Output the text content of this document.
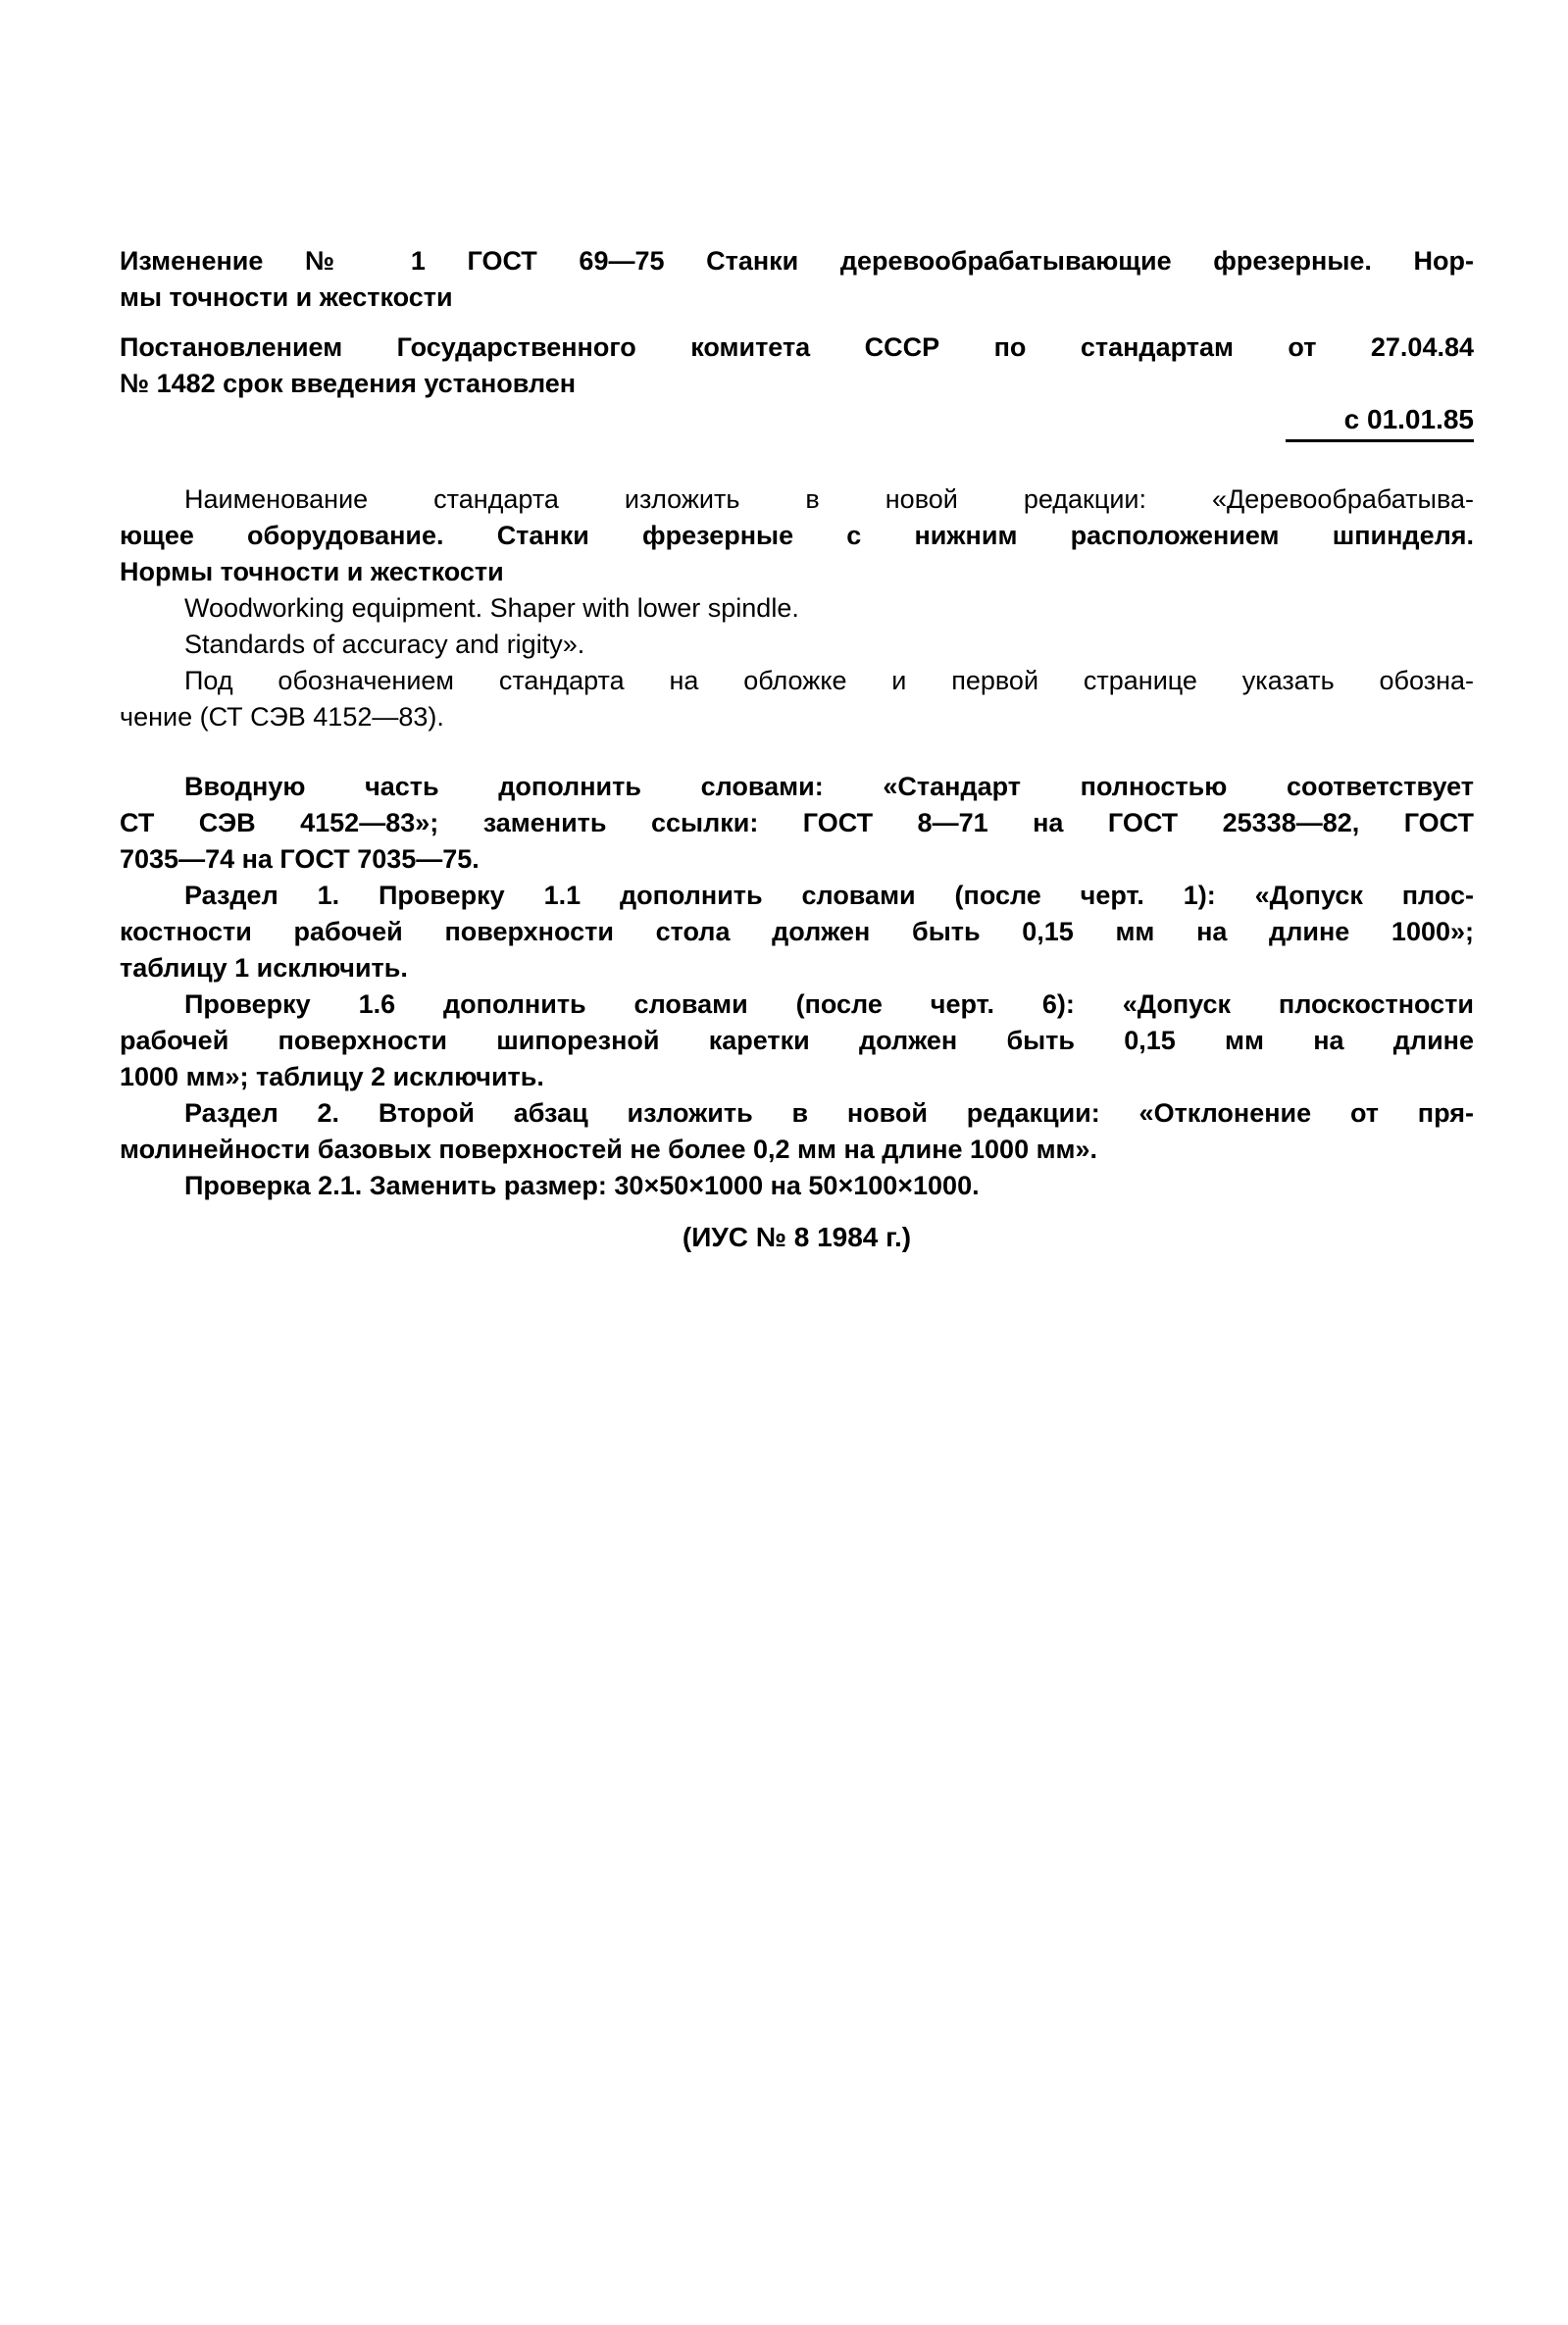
Изменение № 1 ГОСТ 69—75 Станки деревообрабатывающие фрезерные. Нор-
мы точности и жесткости
Постановлением Государственного комитета СССР по стандартам от 27.04.84
№ 1482 срок введения установлен
с 01.01.85
Наименование стандарта изложить в новой редакции: «Деревообрабатыва-
ющее оборудование. Станки фрезерные с нижним расположением шпинделя.
Нормы точности и жесткости
Woodworking equipment. Shaper with lower spindle.
Standards of accuracy and rigity».
Под обозначением стандарта на обложке и первой странице указать обозна-
чение (СТ СЭВ 4152—83).
Вводную часть дополнить словами: «Стандарт полностью соответствует
СТ СЭВ 4152—83»; заменить ссылки: ГОСТ 8—71 на ГОСТ 25338—82, ГОСТ
7035—74 на ГОСТ 7035—75.
Раздел 1. Проверку 1.1 дополнить словами (после черт. 1): «Допуск плос-
костности рабочей поверхности стола должен быть 0,15 мм на длине 1000»;
таблицу 1 исключить.
Проверку 1.6 дополнить словами (после черт. 6): «Допуск плоскостности
рабочей поверхности шипорезной каретки должен быть 0,15 мм на длине
1000 мм»; таблицу 2 исключить.
Раздел 2. Второй абзац изложить в новой редакции: «Отклонение от пря-
молинейности базовых поверхностей не более 0,2 мм на длине 1000 мм».
Проверка 2.1. Заменить размер: 30×50×1000 на 50×100×1000.
(ИУС № 8 1984 г.)
